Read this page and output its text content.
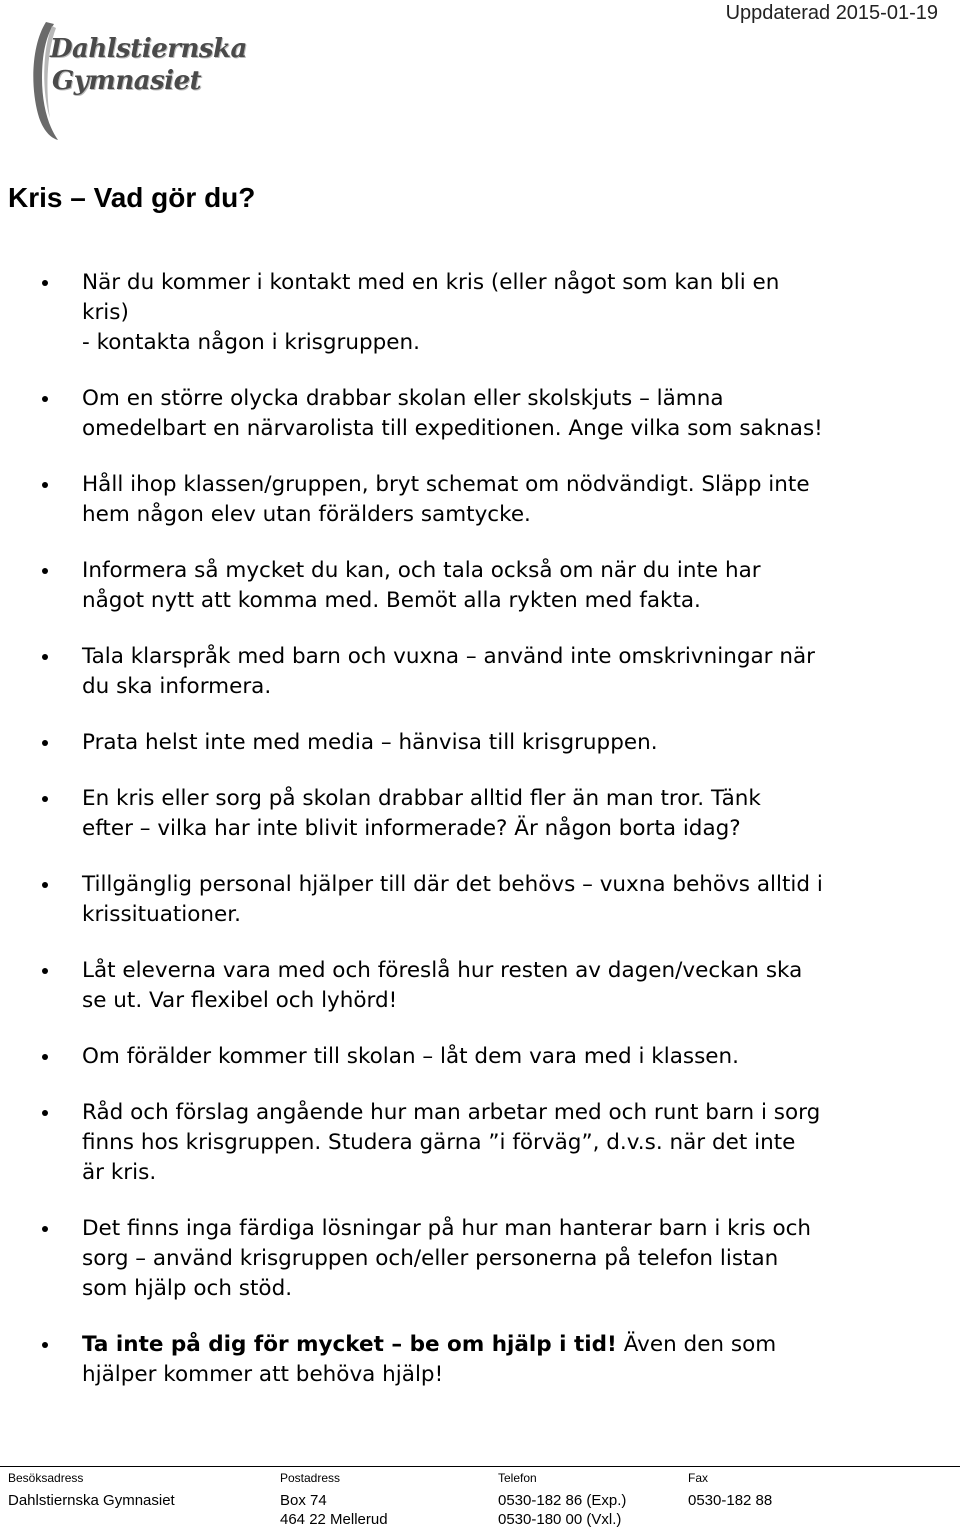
Uppdaterad 2015-01-19
Dahlstiernska
Gymnasiet
Kris – Vad gör du?
När du kommer i kontakt med en kris (eller något som kan bli en
kris)
- kontakta någon i krisgruppen.
Om en större olycka drabbar skolan eller skolskjuts – lämna
omedelbart en närvarolista till expeditionen. Ange vilka som saknas!
Håll ihop klassen/gruppen, bryt schemat om nödvändigt. Släpp inte
hem någon elev utan förälders samtycke.
Informera så mycket du kan, och tala också om när du inte har
något nytt att komma med. Bemöt alla rykten med fakta.
Tala klarspråk med barn och vuxna – använd inte omskrivningar när
du ska informera.
Prata helst inte med media – hänvisa till krisgruppen.
En kris eller sorg på skolan drabbar alltid fler än man tror. Tänk
efter – vilka har inte blivit informerade? Är någon borta idag?
Tillgänglig personal hjälper till där det behövs – vuxna behövs alltid i
krissituationer.
Låt eleverna vara med och föreslå hur resten av dagen/veckan ska
se ut. Var flexibel och lyhörd!
Om förälder kommer till skolan – låt dem vara med i klassen.
Råd och förslag angående hur man arbetar med och runt barn i sorg
finns hos krisgruppen. Studera gärna ”i förväg”, d.v.s. när det inte
är kris.
Det finns inga färdiga lösningar på hur man hanterar barn i kris och
sorg – använd krisgruppen och/eller personerna på telefon listan
som hjälp och stöd.
Ta inte på dig för mycket – be om hjälp i tid! Även den som
hjälper kommer att behöva hjälp!
Besöksadress
Dahlstiernska Gymnasiet
Postadress
Box 74
464 22 Mellerud
Telefon
0530-182 86 (Exp.)
0530-180 00 (Vxl.)
Fax
0530-182 88
